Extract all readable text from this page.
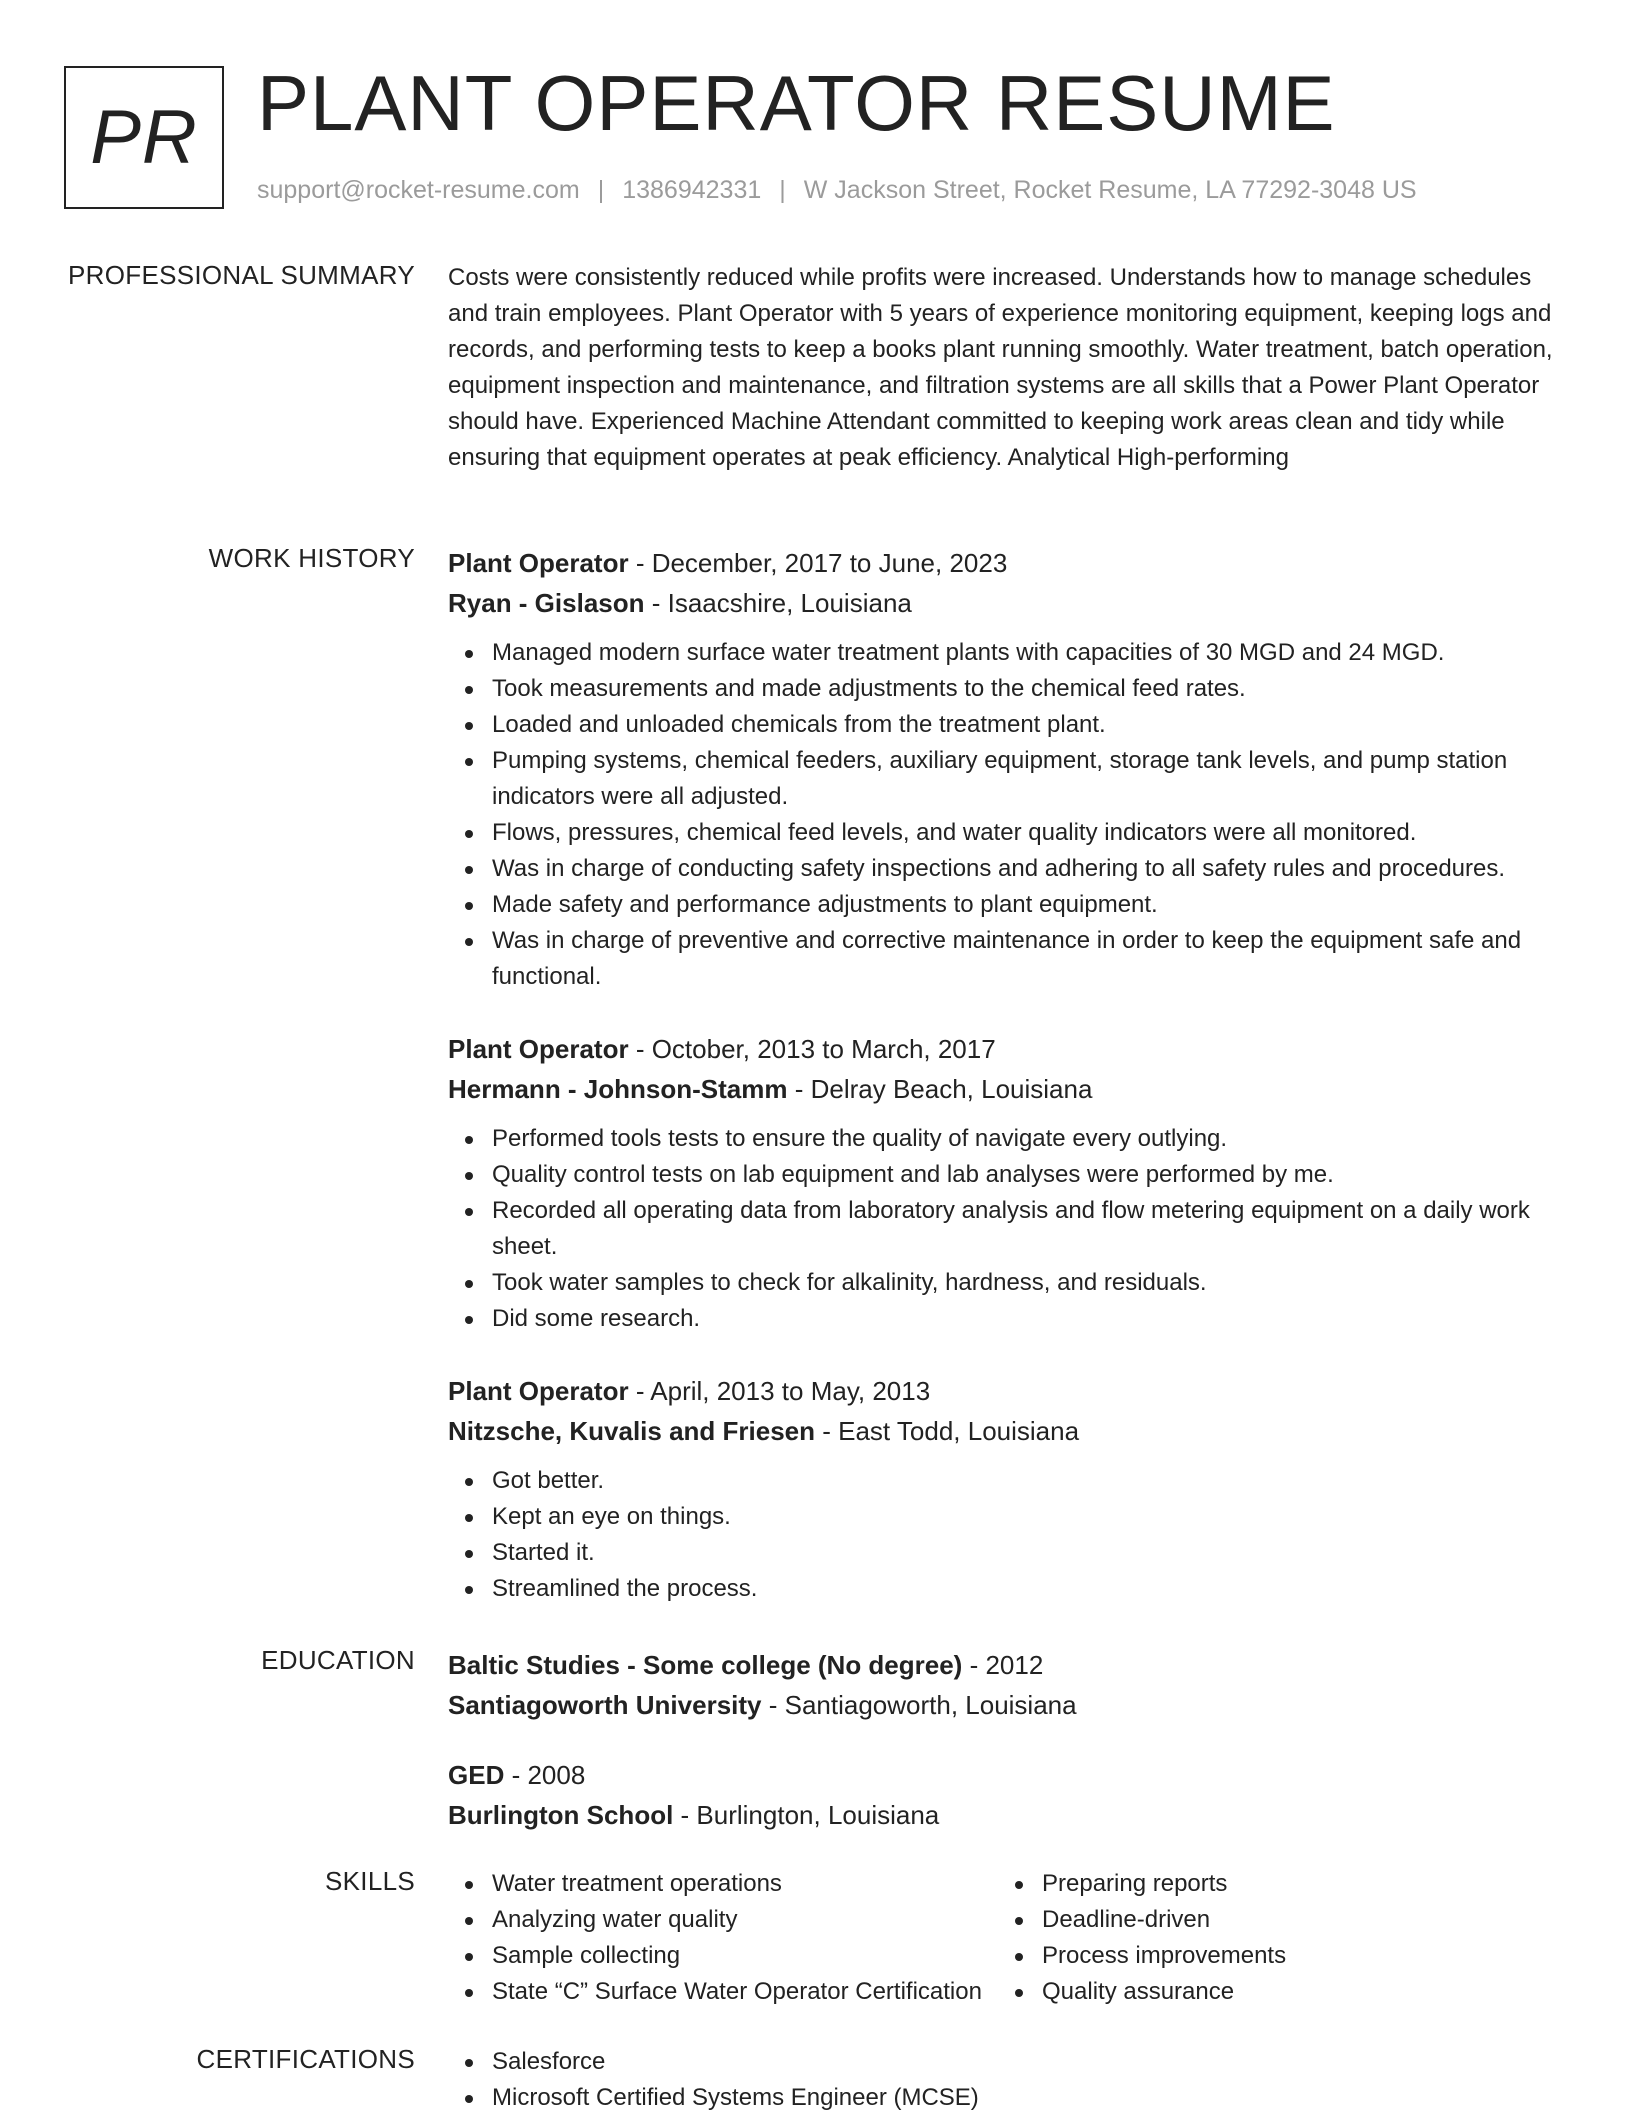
PR PLANT OPERATOR RESUME
support@rocket-resume.com | 1386942331 | W Jackson Street, Rocket Resume, LA 77292-3048 US
PROFESSIONAL SUMMARY Costs were consistently reduced while profits were increased. Understands how to manage schedules and train employees. Plant Operator with 5 years of experience monitoring equipment, keeping logs and records, and performing tests to keep a books plant running smoothly. Water treatment, batch operation, equipment inspection and maintenance, and filtration systems are all skills that a Power Plant Operator should have. Experienced Machine Attendant committed to keeping work areas clean and tidy while ensuring that equipment operates at peak efficiency. Analytical High-performing

WORK HISTORY Plant Operator - December, 2017 to June, 2023
Ryan - Gislason - Isaacshire, Louisiana
Managed modern surface water treatment plants with capacities of 30 MGD and 24 MGD.
Took measurements and made adjustments to the chemical feed rates.
Loaded and unloaded chemicals from the treatment plant.
Pumping systems, chemical feeders, auxiliary equipment, storage tank levels, and pump station indicators were all adjusted.
Flows, pressures, chemical feed levels, and water quality indicators were all monitored.
Was in charge of conducting safety inspections and adhering to all safety rules and procedures.
Made safety and performance adjustments to plant equipment.
Was in charge of preventive and corrective maintenance in order to keep the equipment safe and functional.
Plant Operator - October, 2013 to March, 2017
Hermann - Johnson-Stamm - Delray Beach, Louisiana
Performed tools tests to ensure the quality of navigate every outlying.
Quality control tests on lab equipment and lab analyses were performed by me.
Recorded all operating data from laboratory analysis and flow metering equipment on a daily work sheet.
Took water samples to check for alkalinity, hardness, and residuals.
Did some research.
Plant Operator - April, 2013 to May, 2013
Nitzsche, Kuvalis and Friesen - East Todd, Louisiana
Got better.
Kept an eye on things.
Started it.
Streamlined the process.
EDUCATION Baltic Studies - Some college (No degree) - 2012
Santiagoworth University - Santiagoworth, Louisiana
GED - 2008
Burlington School - Burlington, Louisiana
SKILLS	Water treatment operations
Analyzing water quality
Sample collecting
State “C” Surface Water Operator Certification
Preparing reports
Deadline-driven
Process improvements
Quality assurance
CERTIFICATIONS	Salesforce
Microsoft Certified Systems Engineer (MCSE)
